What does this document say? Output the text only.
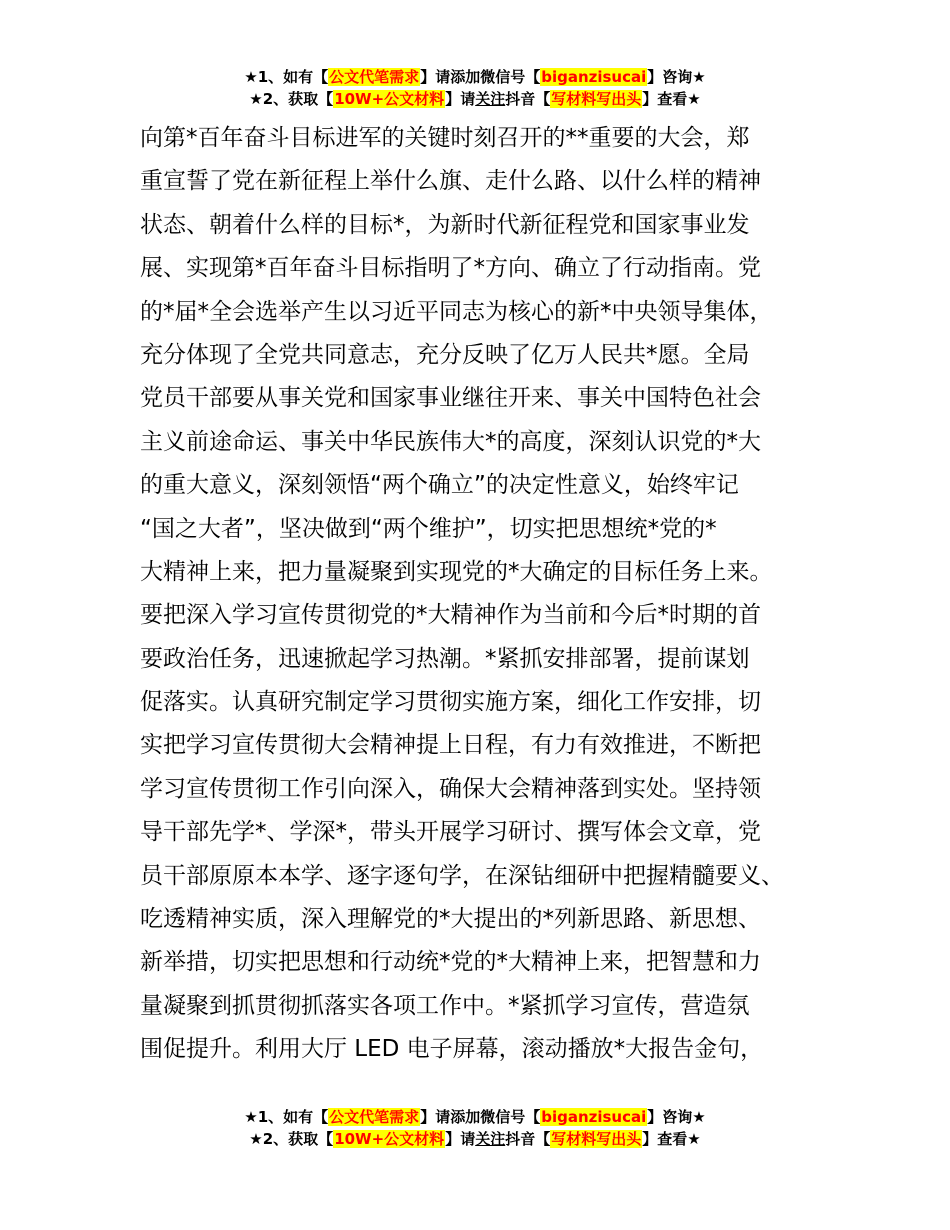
★1、如有【公文代笔需求】请添加微信号【biganzisucai】咨询★
★2、获取【10W+公文材料】请关注抖音【写材料写出头】查看★
向第*百年奋斗目标进军的关键时刻召开的**重要的大会，郑
重宣誓了党在新征程上举什么旗、走什么路、以什么样的精神
状态、朝着什么样的目标*，为新时代新征程党和国家事业发
展、实现第*百年奋斗目标指明了*方向、确立了行动指南。党
的*届*全会选举产生以习近平同志为核心的新*中央领导集体，
充分体现了全党共同意志，充分反映了亿万人民共*愿。全局
党员干部要从事关党和国家事业继往开来、事关中国特色社会
主义前途命运、事关中华民族伟大*的高度，深刻认识党的*大
的重大意义，深刻领悟“两个确立”的决定性意义，始终牢记
“国之大者”，坚决做到“两个维护”，切实把思想统*党的*
大精神上来，把力量凝聚到实现党的*大确定的目标任务上来。
要把深入学习宣传贯彻党的*大精神作为当前和今后*时期的首
要政治任务，迅速掀起学习热潮。*紧抓安排部署，提前谋划
促落实。认真研究制定学习贯彻实施方案，细化工作安排，切
实把学习宣传贯彻大会精神提上日程，有力有效推进，不断把
学习宣传贯彻工作引向深入，确保大会精神落到实处。坚持领
导干部先学*、学深*，带头开展学习研讨、撰写体会文章，党
员干部原原本本学、逐字逐句学，在深钻细研中把握精髓要义、
吃透精神实质，深入理解党的*大提出的*列新思路、新思想、
新举措，切实把思想和行动统*党的*大精神上来，把智慧和力
量凝聚到抓贯彻抓落实各项工作中。*紧抓学习宣传，营造氛
围促提升。利用大厅 LED 电子屏幕，滚动播放*大报告金句，
★1、如有【公文代笔需求】请添加微信号【biganzisucai】咨询★
★2、获取【10W+公文材料】请关注抖音【写材料写出头】查看★
